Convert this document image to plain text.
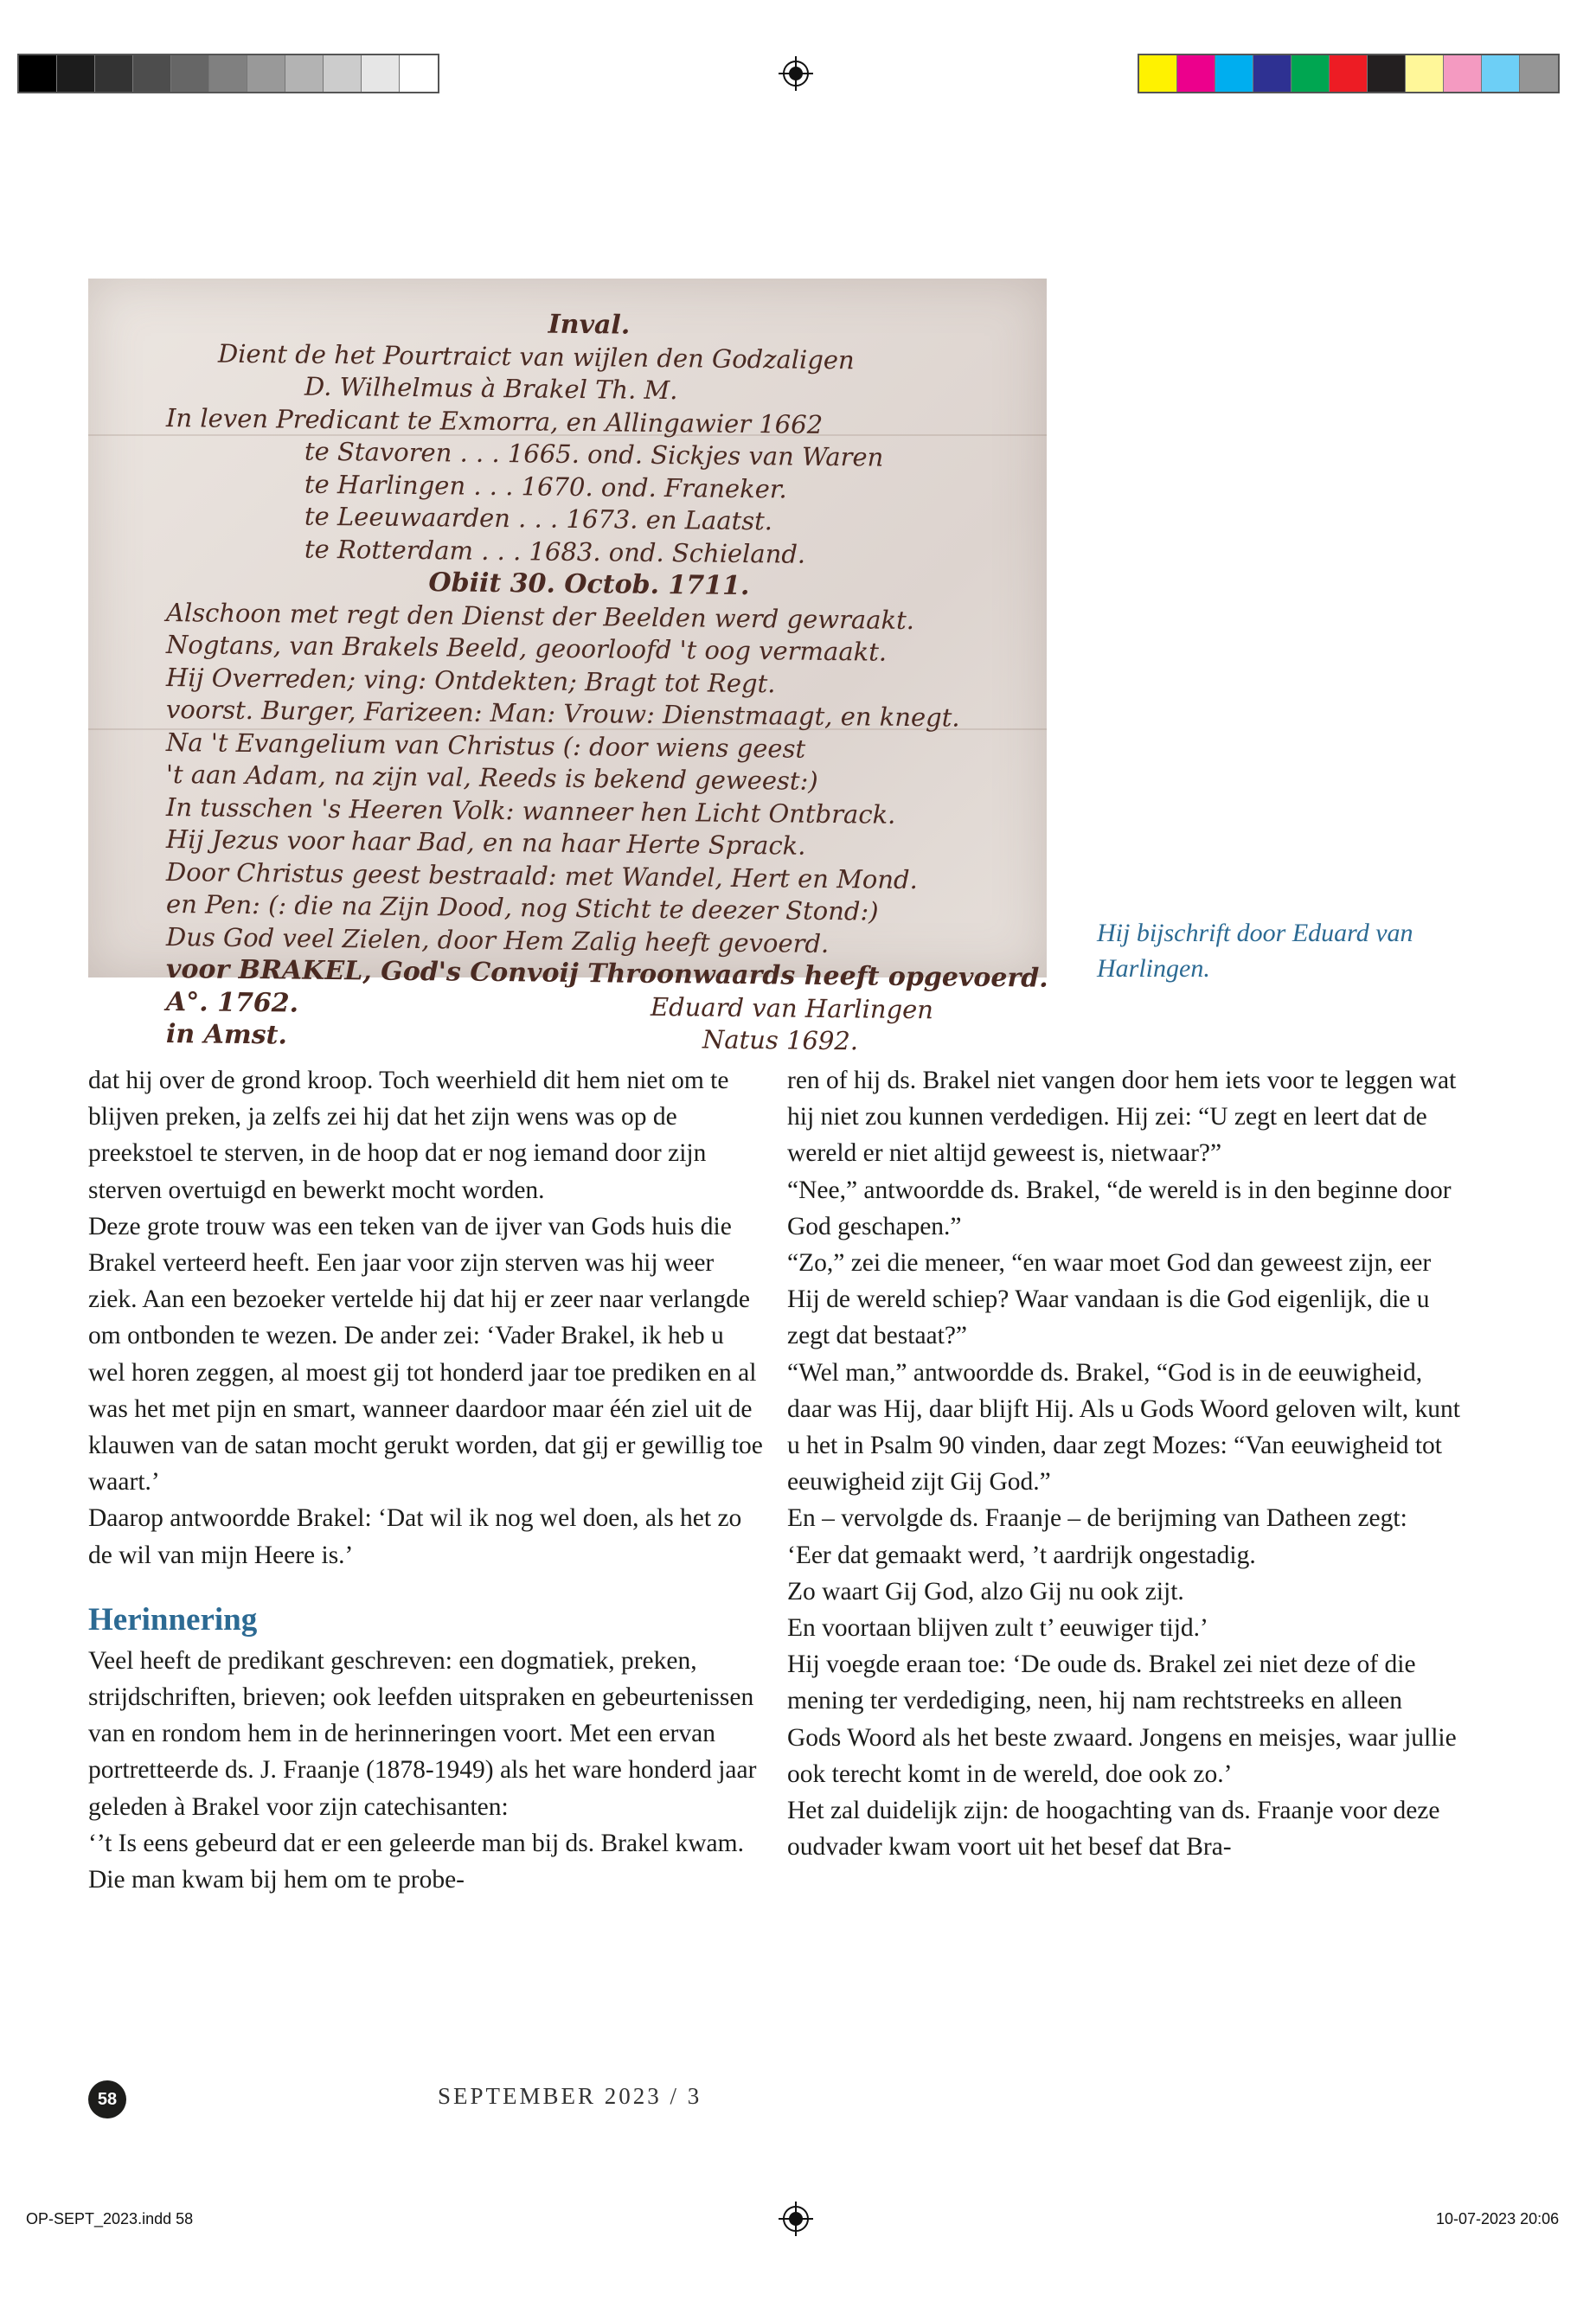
Inval.
Dient de het Pourtraict van wijlen den Godzaligen
D. Wilhelmus à Brakel Th. M.
In leven Predicant te Exmorra, en Allingawier 1662
te Stavoren . . . 1665. ond. Sickjes van Waren
te Harlingen . . . 1670. ond. Franeker.
te Leeuwaarden . . . 1673. en Laatst.
te Rotterdam . . . 1683. ond. Schieland.
Obiit 30. Octob. 1711.
Alschoon met regt den Dienst der Beelden werd gewraakt.
Nogtans, van Brakels Beeld, geoorloofd 't oog vermaakt.
Hij Overreden; ving: Ontdekten; Bragt tot Regt.
voorst. Burger, Farizeen: Man: Vrouw: Dienstmaagt, en knegt.
Na 't Evangelium van Christus (: door wiens geest
't aan Adam, na zijn val, Reeds is bekend geweest:)
In tusschen 's Heeren Volk: wanneer hen Licht Ontbrack.
Hij Jezus voor haar Bad, en na haar Herte Sprack.
Door Christus geest bestraald: met Wandel, Hert en Mond.
en Pen: (: die na Zijn Dood, nog Sticht te deezer Stond:)
Dus God veel Zielen, door Hem Zalig heeft gevoerd.
voor BRAKEL, God's Convoij Throonwaards heeft opgevoerd.
A°. 1762.
in Amst.
Eduard van Harlingen
Natus 1692.
Hij bijschrift door Eduard van Harlingen.

dat hij over de grond kroop. Toch weerhield dit hem niet om te blijven preken, ja zelfs zei hij dat het zijn wens was op de preekstoel te sterven, in de hoop dat er nog iemand door zijn sterven overtuigd en bewerkt mocht worden.

Deze grote trouw was een teken van de ijver van Gods huis die Brakel verteerd heeft. Een jaar voor zijn sterven was hij weer ziek. Aan een bezoeker vertelde hij dat hij er zeer naar verlangde om ontbonden te wezen. De ander zei: ‘Vader Brakel, ik heb u wel horen zeggen, al moest gij tot honderd jaar toe prediken en al was het met pijn en smart, wanneer daardoor maar één ziel uit de klauwen van de satan mocht gerukt worden, dat gij er gewillig toe waart.’

Daarop antwoordde Brakel: ‘Dat wil ik nog wel doen, als het zo de wil van mijn Heere is.’

Herinnering

Veel heeft de predikant geschreven: een dogmatiek, preken, strijdschriften, brieven; ook leefden uitspraken en gebeurtenissen van en rondom hem in de herinneringen voort. Met een ervan portretteerde ds. J. Fraanje (1878-1949) als het ware honderd jaar geleden à Brakel voor zijn catechisanten:

‘’t Is eens gebeurd dat er een geleerde man bij ds. Brakel kwam. Die man kwam bij hem om te probe-

ren of hij ds. Brakel niet vangen door hem iets voor te leggen wat hij niet zou kunnen verdedigen. Hij zei: “U zegt en leert dat de wereld er niet altijd geweest is, nietwaar?”

“Nee,” antwoordde ds. Brakel, “de wereld is in den beginne door God geschapen.”

“Zo,” zei die meneer, “en waar moet God dan geweest zijn, eer Hij de wereld schiep? Waar vandaan is die God eigenlijk, die u zegt dat bestaat?”

“Wel man,” antwoordde ds. Brakel, “God is in de eeuwigheid, daar was Hij, daar blijft Hij. Als u Gods Woord geloven wilt, kunt u het in Psalm 90 vinden, daar zegt Mozes: “Van eeuwigheid tot eeuwigheid zijt Gij God.”

En – vervolgde ds. Fraanje – de berijming van Datheen zegt:

‘Eer dat gemaakt werd, ’t aardrijk ongestadig.

Zo waart Gij God, alzo Gij nu ook zijt.

En voortaan blijven zult t’ eeuwiger tijd.’

Hij voegde eraan toe: ‘De oude ds. Brakel zei niet deze of die mening ter verdediging, neen, hij nam rechtstreeks en alleen Gods Woord als het beste zwaard. Jongens en meisjes, waar jullie ook terecht komt in de wereld, doe ook zo.’

Het zal duidelijk zijn: de hoogachting van ds. Fraanje voor deze oudvader kwam voort uit het besef dat Bra-

58	SEPTEMBER 2023 / 3
OP-SEPT_2023.indd 58	10-07-2023 20:06
